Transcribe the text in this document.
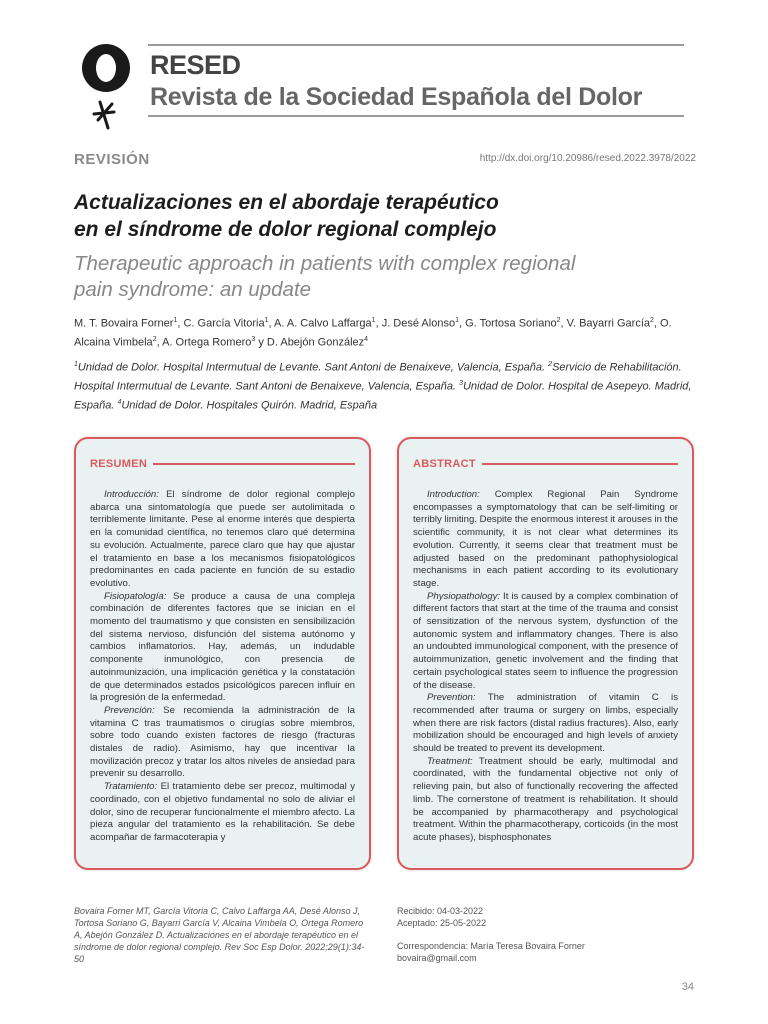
RESED
Revista de la Sociedad Española del Dolor
REVISIÓN	http://dx.doi.org/10.20986/resed.2022.3978/2022
Actualizaciones en el abordaje terapéutico
en el síndrome de dolor regional complejo
Therapeutic approach in patients with complex regional
pain syndrome: an update
M. T. Bovaira Forner$^1$, C. García Vitoria$^1$, A. A. Calvo Laffarga$^1$, J. Desé Alonso$^1$, G. Tortosa Soriano$^2$, V. Bayarri García$^2$, O. Alcaina Vimbela$^2$, A. Ortega Romero$^3$ y D. Abejón González$^4$
$^1$Unidad de Dolor. Hospital Intermutual de Levante. Sant Antoni de Benaixeve, Valencia, España. $^2$Servicio de Rehabilitación. Hospital Intermutual de Levante. Sant Antoni de Benaixeve, Valencia, España. $^3$Unidad de Dolor. Hospital de Asepeyo. Madrid, España. $^4$Unidad de Dolor. Hospitales Quirón. Madrid, España
RESUMEN

Introducción: El síndrome de dolor regional complejo abarca una sintomatología que puede ser autolimitada o terriblemente limitante. Pese al enorme interés que despierta en la comunidad científica, no tenemos claro qué determina su evolución. Actualmente, parece claro que hay que ajustar el tratamiento en base a los mecanismos fisiopatológicos predominantes en cada paciente en función de su estadio evolutivo.

Fisiopatología: Se produce a causa de una compleja combinación de diferentes factores que se inician en el momento del traumatismo y que consisten en sensibilización del sistema nervioso, disfunción del sistema autónomo y cambios inflamatorios. Hay, además, un indudable componente inmunológico, con presencia de autoinmunización, una implicación genética y la constatación de que determinados estados psicológicos parecen influir en la progresión de la enfermedad.

Prevención: Se recomienda la administración de la vitamina C tras traumatismos o cirugías sobre miembros, sobre todo cuando existen factores de riesgo (fracturas distales de radio). Asimismo, hay que incentivar la movilización precoz y tratar los altos niveles de ansiedad para prevenir su desarrollo.

Tratamiento: El tratamiento debe ser precoz, multimodal y coordinado, con el objetivo fundamental no solo de aliviar el dolor, sino de recuperar funcionalmente el miembro afecto. La pieza angular del tratamiento es la rehabilitación. Se debe acompañar de farmacoterapia y

ABSTRACT

Introduction: Complex Regional Pain Syndrome encompasses a symptomatology that can be self-limiting or terribly limiting. Despite the enormous interest it arouses in the scientific community, it is not clear what determines its evolution. Currently, it seems clear that treatment must be adjusted based on the predominant pathophysiological mechanisms in each patient according to its evolutionary stage.

Physiopathology: It is caused by a complex combination of different factors that start at the time of the trauma and consist of sensitization of the nervous system, dysfunction of the autonomic system and inflammatory changes. There is also an undoubted immunological component, with the presence of autoimmunization, genetic involvement and the finding that certain psychological states seem to influence the progression of the disease.

Prevention: The administration of vitamin C is recommended after trauma or surgery on limbs, especially when there are risk factors (distal radius fractures). Also, early mobilization should be encouraged and high levels of anxiety should be treated to prevent its development.

Treatment: Treatment should be early, multimodal and coordinated, with the fundamental objective not only of relieving pain, but also of functionally recovering the affected limb. The cornerstone of treatment is rehabilitation. It should be accompanied by pharmacotherapy and psychological treatment. Within the pharmacotherapy, corticoids (in the most acute phases), bisphosphonates

Bovaira Forner MT, García Vitoria C, Calvo Laffarga AA, Desé Alonso J, Tortosa Soriano G, Bayarri García V, Alcaina Vimbela O, Ortega Romero A, Abejón González D. Actualizaciones en el abordaje terapéutico en el síndrome de dolor regional complejo. Rev Soc Esp Dolor. 2022;29(1):34-50
Recibido: 04-03-2022
Aceptado: 25-05-2022
Correspondencia: María Teresa Bovaira Forner
bovaira@gmail.com
34
